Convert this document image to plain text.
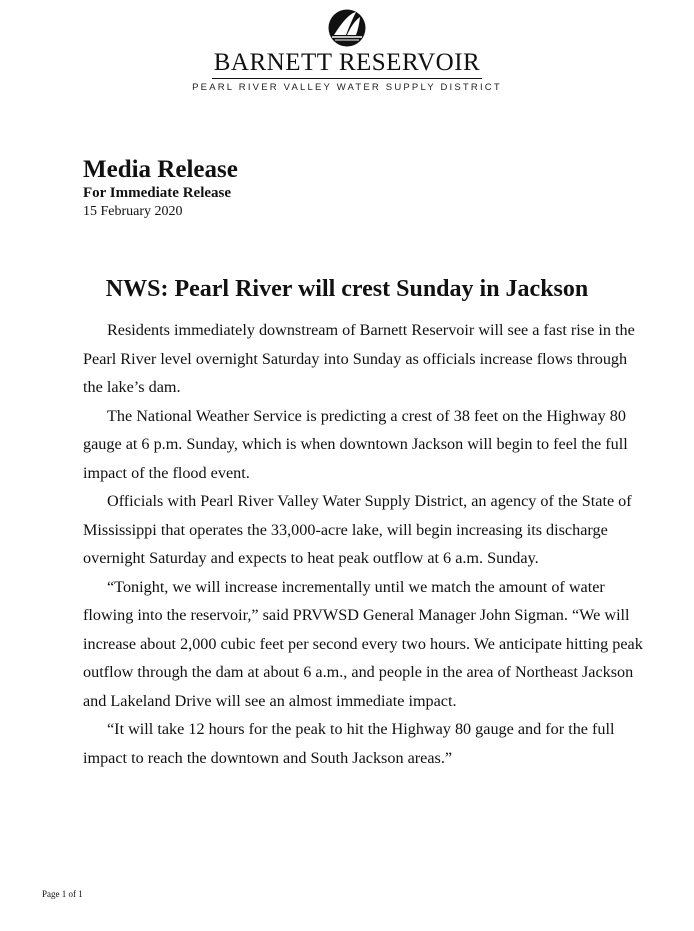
BARNETT RESERVOIR
PEARL RIVER VALLEY WATER SUPPLY DISTRICT
Media Release
For Immediate Release
15 February 2020
NWS: Pearl River will crest Sunday in Jackson

Residents immediately downstream of Barnett Reservoir will see a fast rise in the Pearl River level overnight Saturday into Sunday as officials increase flows through the lake’s dam.

The National Weather Service is predicting a crest of 38 feet on the Highway 80 gauge at 6 p.m. Sunday, which is when downtown Jackson will begin to feel the full impact of the flood event.

Officials with Pearl River Valley Water Supply District, an agency of the State of Mississippi that operates the 33,000-acre lake, will begin increasing its discharge overnight Saturday and expects to heat peak outflow at 6 a.m. Sunday.

“Tonight, we will increase incrementally until we match the amount of water flowing into the reservoir,” said PRVWSD General Manager John Sigman. “We will increase about 2,000 cubic feet per second every two hours. We anticipate hitting peak outflow through the dam at about 6 a.m., and people in the area of Northeast Jackson and Lakeland Drive will see an almost immediate impact.

“It will take 12 hours for the peak to hit the Highway 80 gauge and for the full impact to reach the downtown and South Jackson areas.”

Page 1 of 1
